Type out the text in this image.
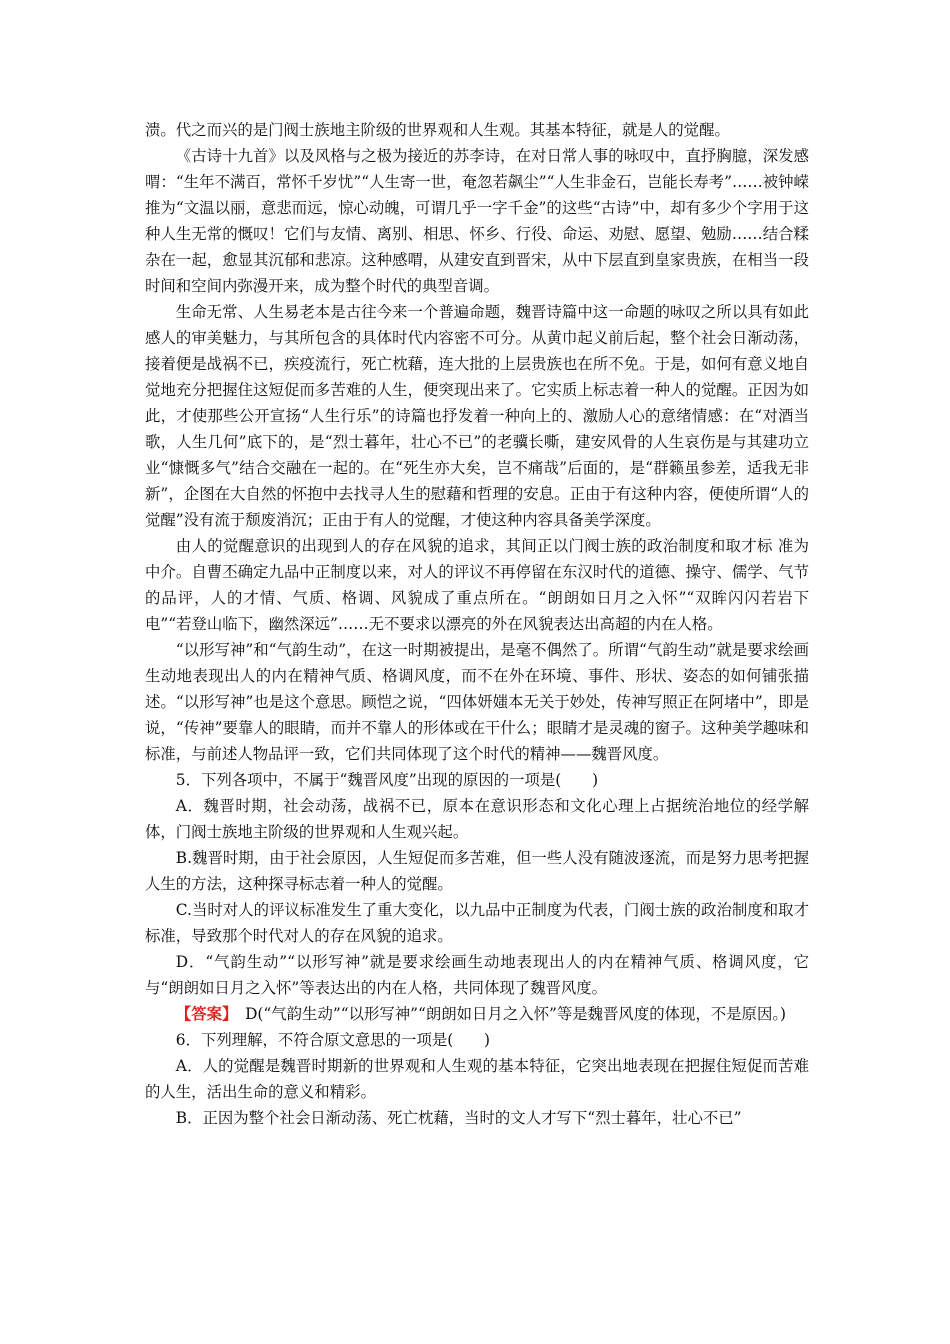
溃。代之而兴的是门阀士族地主阶级的世界观和人生观。其基本特征，就是人的觉醒。

《古诗十九首》以及风格与之极为接近的苏李诗，在对日常人事的咏叹中，直抒胸臆，深发感喟：“生年不满百，常怀千岁忧”“人生寄一世，奄忽若飙尘”“人生非金石，岂能长寿考”……被钟嵘推为“文温以丽，意悲而远，惊心动魄，可谓几乎一字千金”的这些“古诗”中，却有多少个字用于这种人生无常的慨叹！它们与友情、离别、相思、怀乡、行役、命运、劝慰、愿望、勉励……结合糅杂在一起，愈显其沉郁和悲凉。这种感喟，从建安直到晋宋，从中下层直到皇家贵族，在相当一段时间和空间内弥漫开来，成为整个时代的典型音调。

生命无常、人生易老本是古往今来一个普遍命题，魏晋诗篇中这一命题的咏叹之所以具有如此感人的审美魅力，与其所包含的具体时代内容密不可分。从黄巾起义前后起，整个社会日渐动荡，接着便是战祸不已，疾疫流行，死亡枕藉，连大批的上层贵族也在所不免。于是，如何有意义地自觉地充分把握住这短促而多苦难的人生，便突现出来了。它实质上标志着一种人的觉醒。正因为如此，才使那些公开宣扬“人生行乐”的诗篇也抒发着一种向上的、激励人心的意绪情感：在“对酒当歌，人生几何”底下的，是“烈士暮年，壮心不已”的老骥长嘶，建安风骨的人生哀伤是与其建功立业“慷慨多气”结合交融在一起的。在“死生亦大矣，岂不痛哉”后面的，是“群籁虽参差，适我无非新”，企图在大自然的怀抱中去找寻人生的慰藉和哲理的安息。正由于有这种内容，便使所谓“人的觉醒”没有流于颓废消沉；正由于有人的觉醒，才使这种内容具备美学深度。

由人的觉醒意识的出现到人的存在风貌的追求，其间正以门阀士族的政治制度和取才标 准为中介。自曹丕确定九品中正制度以来，对人的评议不再停留在东汉时代的道德、操守、儒学、气节的品评，人的才情、气质、格调、风貌成了重点所在。“朗朗如日月之入怀”“双眸闪闪若岩下电”“若登山临下，幽然深远”……无不要求以漂亮的外在风貌表达出高超的内在人格。

“以形写神”和“气韵生动”，在这一时期被提出，是毫不偶然了。所谓“气韵生动”就是要求绘画生动地表现出人的内在精神气质、格调风度，而不在外在环境、事件、形状、姿态的如何铺张描述。“以形写神”也是这个意思。顾恺之说，“四体妍媸本无关于妙处，传神写照正在阿堵中”，即是说，“传神”要靠人的眼睛，而并不靠人的形体或在干什么；眼睛才是灵魂的窗子。这种美学趣味和标准，与前述人物品评一致，它们共同体现了这个时代的精神——魏晋风度。

5．下列各项中，不属于“魏晋风度”出现的原因的一项是(　　)

A．魏晋时期，社会动荡，战祸不已，原本在意识形态和文化心理上占据统治地位的经学解体，门阀士族地主阶级的世界观和人生观兴起。

B.魏晋时期，由于社会原因，人生短促而多苦难，但一些人没有随波逐流，而是努力思考把握人生的方法，这种探寻标志着一种人的觉醒。

C.当时对人的评议标准发生了重大变化，以九品中正制度为代表，门阀士族的政治制度和取才标准，导致那个时代对人的存在风貌的追求。

D．“气韵生动”“以形写神”就是要求绘画生动地表现出人的内在精神气质、格调风度，它与“朗朗如日月之入怀”等表达出的内在人格，共同体现了魏晋风度。

【答案】　D(“气韵生动”“以形写神”“朗朗如日月之入怀”等是魏晋风度的体现，不是原因。)

6．下列理解，不符合原文意思的一项是(　　)

A．人的觉醒是魏晋时期新的世界观和人生观的基本特征，它突出地表现在把握住短促而苦难的人生，活出生命的意义和精彩。

B．正因为整个社会日渐动荡、死亡枕藉，当时的文人才写下“烈士暮年，壮心不已”
